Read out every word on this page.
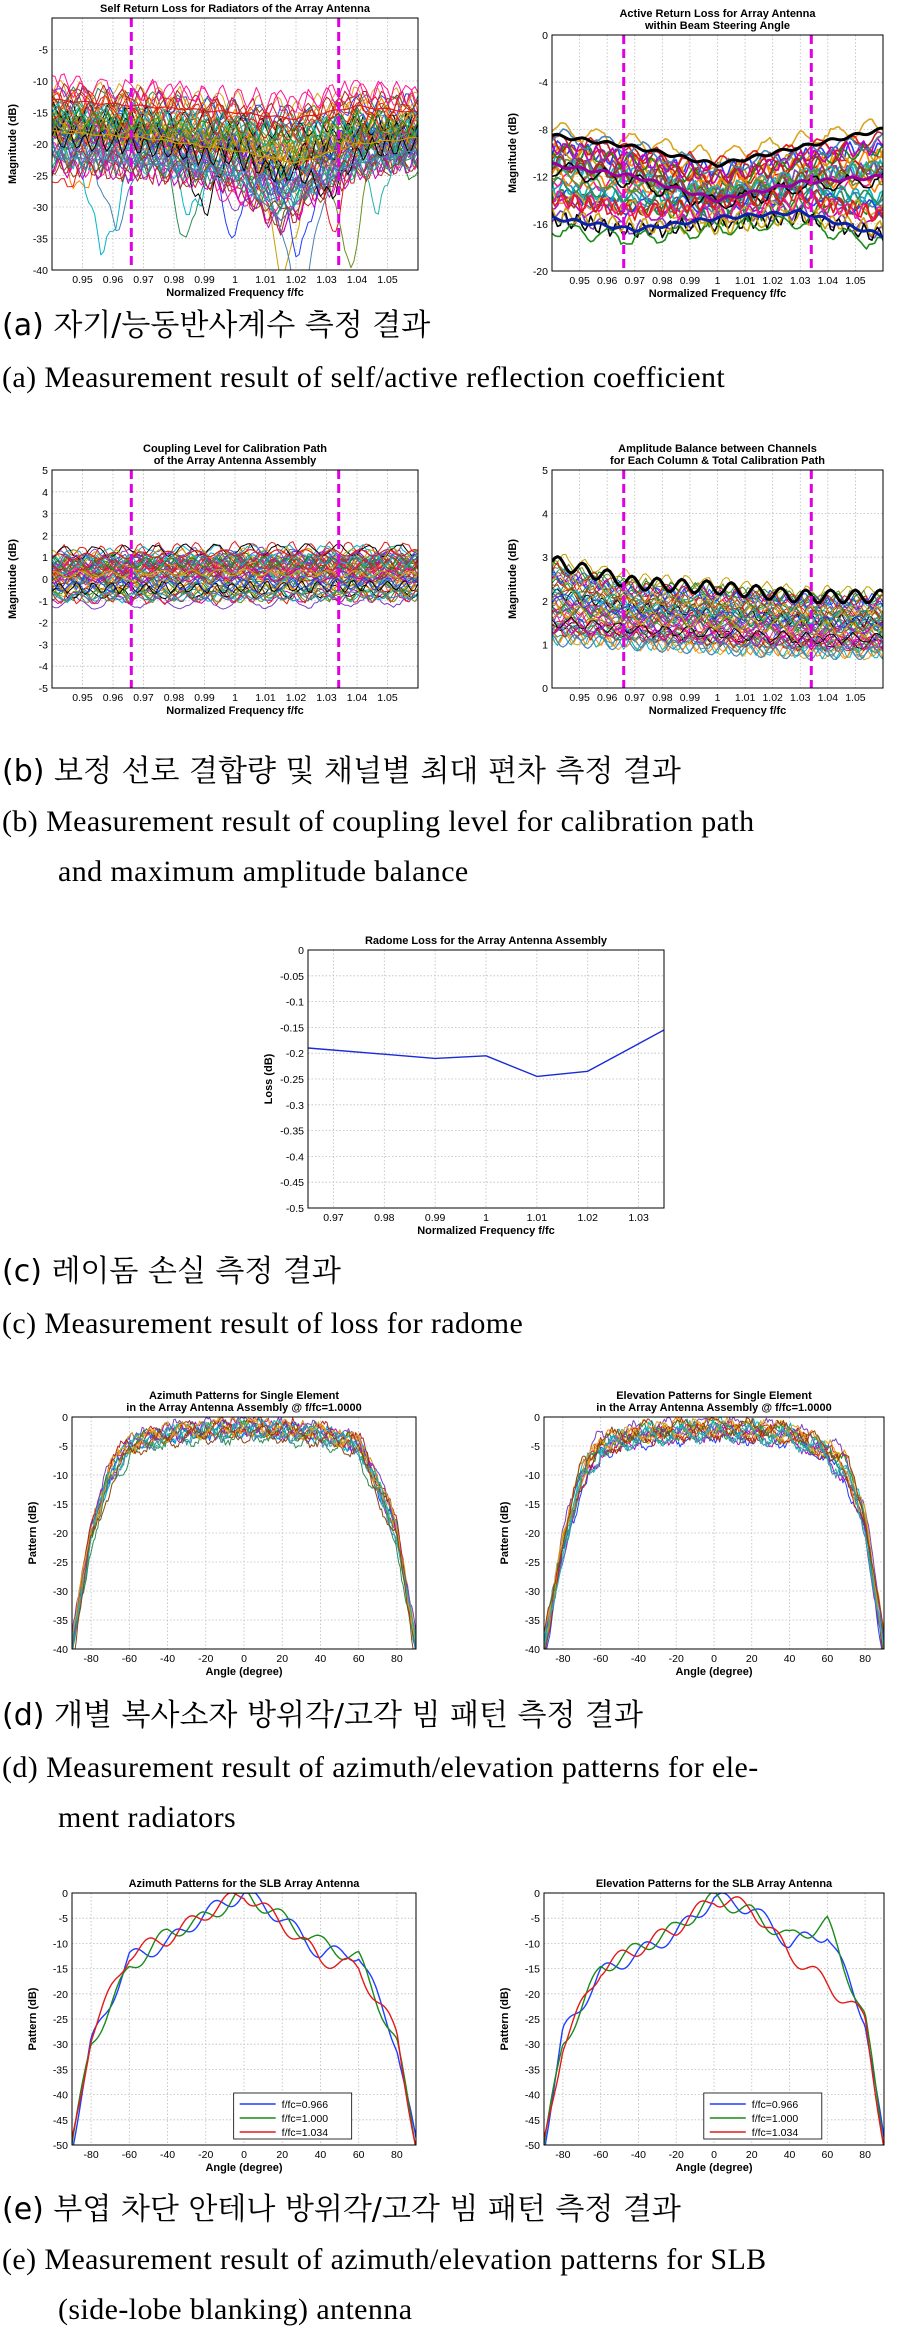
Self Return Loss for Radiators of the Array Antenna
-5
-10
-15
-20
-25
-30
-35
-40
0.95 0.96 0.97 0.98 0.99 1 1.01 1.02 1.03 1.04 1.05
Normalized Frequency f/fc
Magnitude (dB)
Active Return Loss for Array Antenna
within Beam Steering Angle
0
-4
-8
-12
-16
-20
0.95 0.96 0.97 0.98 0.99 1 1.01 1.02 1.03 1.04 1.05
Normalized Frequency f/fc
Magnitude (dB)
(a) 자기/능동반사계수 측정 결과
(a) Measurement result of self/active reflection coefficient
Coupling Level for Calibration Path
of the Array Antenna Assembly
5
4
3
2
1
0
-1
-2
-3
-4
-5
0.95 0.96 0.97 0.98 0.99 1 1.01 1.02 1.03 1.04 1.05
Normalized Frequency f/fc
Magnitude (dB)
Amplitude Balance between Channels
for Each Column & Total Calibration Path
5
4
3
2
1
0
0.95 0.96 0.97 0.98 0.99 1 1.01 1.02 1.03 1.04 1.05
Normalized Frequency f/fc
Magnitude (dB)
(b) 보정 선로 결합량 및 채널별 최대 편차 측정 결과
(b) Measurement result of coupling level for calibration path
and maximum amplitude balance
Radome Loss for the Array Antenna Assembly
0
-0.05
-0.1
-0.15
-0.2
-0.25
-0.3
-0.35
-0.4
-0.45
-0.5
0.97	0.98	0.99	1	1.01	1.02	1.03
Normalized Frequency f/fc
Loss (dB)
(c) 레이돔 손실 측정 결과
(c) Measurement result of loss for radome
Azimuth Patterns for Single Element
in the Array Antenna Assembly @ f/fc=1.0000
0
-5
-10
-15
-20
-25
-30
-35
-40
-80 -60 -40 -20	0	20	40	60	80
Angle (degree)
Pattern (dB)
Elevation Patterns for Single Element
in the Array Antenna Assembly @ f/fc=1.0000
0
-5
-10
-15
-20
-25
-30
-35
-40
-80 -60 -40 -20	0	20 40 60 80
Angle (degree)
Pattern (dB)
(d) 개별 복사소자 방위각/고각 빔 패턴 측정 결과
(d) Measurement result of azimuth/elevation patterns for ele-
ment radiators
Azimuth Patterns for the SLB Array Antenna
0
-5
-10
-15
-20
-25
-30
-35
-40
-45
-50
-80 -60 -40 -20	0	20	40	60	80
f/fc=0.966
f/fc=1.000
f/fc=1.034
Angle (degree)
Pattern (dB)
Elevation Patterns for the SLB Array Antenna
0
-5
-10
-15
-20
-25
-30
-35
-40
-45
-50
-80 -60 -40 -20	0	20 40 60 80
f/fc=0.966
f/fc=1.000
f/fc=1.034
Angle (degree)
Pattern (dB)
(e) 부엽 차단 안테나 방위각/고각 빔 패턴 측정 결과
(e) Measurement result of azimuth/elevation patterns for SLB
(side-lobe blanking) antenna
